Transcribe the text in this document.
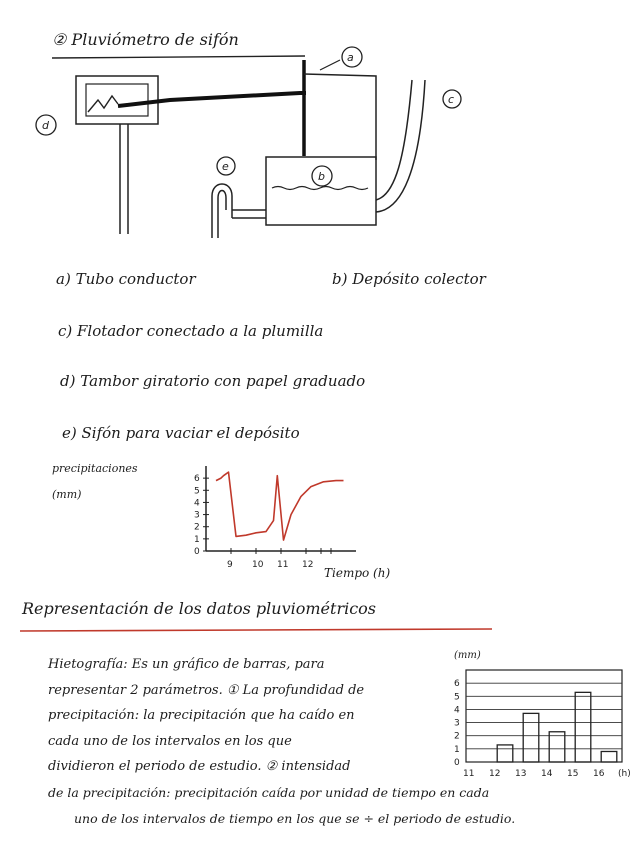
② Pluviómetro de sifón
a
c
d
e
b
0
1
2
3
4
5
6
9 10 11 12
0
1
2
3
4
5
6
11 12 13 14 15 16 (h)
a) Tubo conductor	b) Depósito colector
c) Flotador conectado a la plumilla
d) Tambor giratorio con papel graduado
e) Sifón para vaciar el depósito
precipitaciones (mm)
Tiempo (h)
Representación de los datos pluviométricos
Hietografía: Es un gráfico de barras, para
representar 2 parámetros. ① La profundidad de
precipitación: la precipitación que ha caído en
cada uno de los intervalos en los que
dividieron el periodo de estudio. ② intensidad
de la precipitación: precipitación caída por unidad de tiempo en cada
uno de los intervalos de tiempo en los que se ÷ el periodo de estudio.
(mm)
